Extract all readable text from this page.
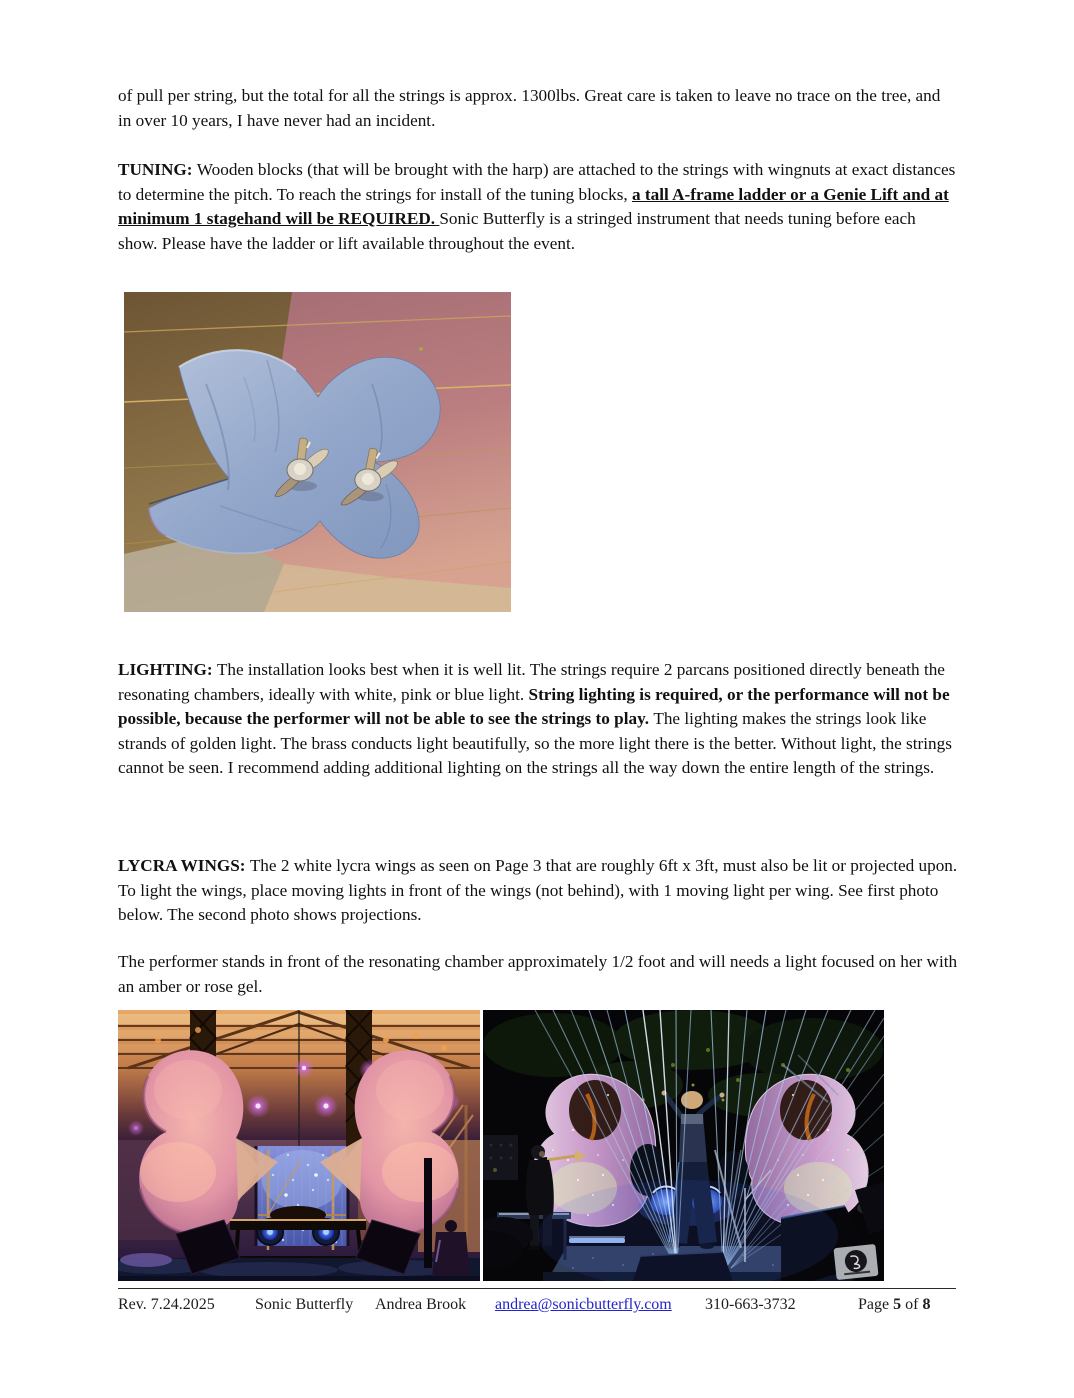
of pull per string, but the total for all the strings is approx. 1300lbs. Great care is taken to leave no trace on the tree, and in over 10 years, I have never had an incident.
TUNING: Wooden blocks (that will be brought with the harp) are attached to the strings with wingnuts at exact distances to determine the pitch. To reach the strings for install of the tuning blocks, a tall A-frame ladder or a Genie Lift and at minimum 1 stagehand will be REQUIRED. Sonic Butterfly is a stringed instrument that needs tuning before each show. Please have the ladder or lift available throughout the event.
LIGHTING: The installation looks best when it is well lit. The strings require 2 parcans positioned directly beneath the resonating chambers, ideally with white, pink or blue light. String lighting is required, or the performance will not be possible, because the performer will not be able to see the strings to play. The lighting makes the strings look like strands of golden light. The brass conducts light beautifully, so the more light there is the better. Without light, the strings cannot be seen. I recommend adding additional lighting on the strings all the way down the entire length of the strings.
LYCRA WINGS: The 2 white lycra wings as seen on Page 3 that are roughly 6ft x 3ft, must also be lit or projected upon. To light the wings, place moving lights in front of the wings (not behind), with 1 moving light per wing. See first photo below. The second photo shows projections.
The performer stands in front of the resonating chamber approximately 1/2 foot and will needs a light focused on her with an amber or rose gel.
Rev. 7.24.2025	Sonic Butterfly Andrea Brook andrea@sonicbutterfly.com 310-663-3732	Page 5 of 8
